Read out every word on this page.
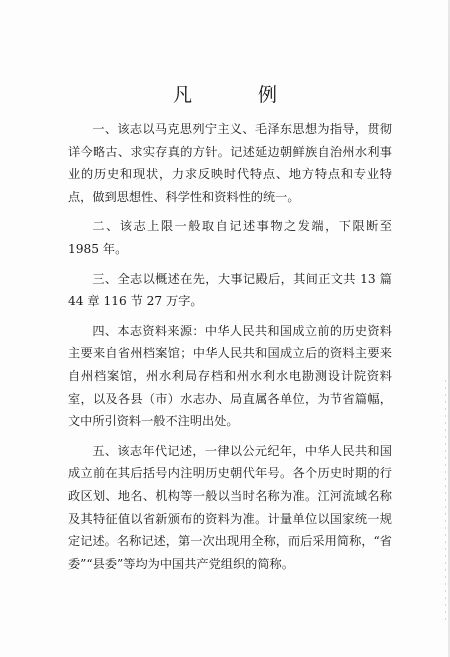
凡 例

一、该志以马克思列宁主义、毛泽东思想为指导，贯彻详今略古、求实存真的方针。记述延边朝鲜族自治州水利事业的历史和现状，力求反映时代特点、地方特点和专业特点，做到思想性、科学性和资料性的统一。

二、该志上限一般取自记述事物之发端，下限断至 1985 年。

三、全志以概述在先，大事记殿后，其间正文共 13 篇 44 章 116 节 27 万字。

四、本志资料来源：中华人民共和国成立前的历史资料主要来自省州档案馆；中华人民共和国成立后的资料主要来自州档案馆，州水利局存档和州水利水电勘测设计院资料室，以及各县（市）水志办、局直属各单位，为节省篇幅，文中所引资料一般不注明出处。

五、该志年代记述，一律以公元纪年，中华人民共和国成立前在其后括号内注明历史朝代年号。各个历史时期的行政区划、地名、机构等一般以当时名称为准。江河流域名称及其特征值以省新颁布的资料为准。计量单位以国家统一规定记述。名称记述，第一次出现用全称，而后采用简称，“省委”“县委”等均为中国共产党组织的简称。
